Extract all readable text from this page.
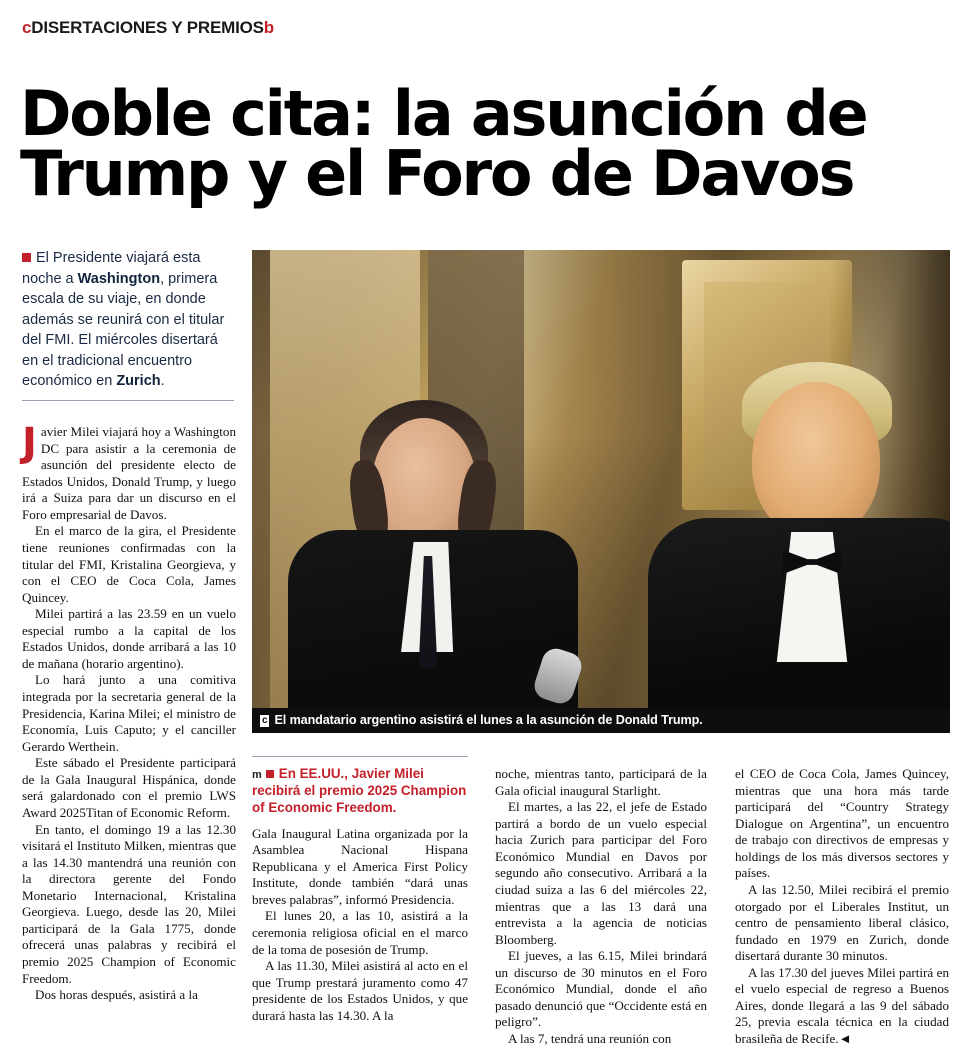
cDISERTACIONES Y PREMIOSb
Doble cita: la asunción de Trump y el Foro de Davos
El Presidente viajará esta noche a Washington, primera escala de su viaje, en donde además se reunirá con el titular del FMI. El miércoles disertará en el tradicional encuentro económico en Zurich.
c El mandatario argentino asistirá el lunes a la asunción de Donald Trump.
J avier Milei viajará hoy a Washington DC para asistir a la ceremonia de asunción del presidente electo de Estados Unidos, Donald Trump, y luego irá a Suiza para dar un discurso en el Foro empresarial de Davos.

En el marco de la gira, el Presidente tiene reuniones confirmadas con la titular del FMI, Kristalina Georgieva, y con el CEO de Coca Cola, James Quincey.

Milei partirá a las 23.59 en un vuelo especial rumbo a la capital de los Estados Unidos, donde arribará a las 10 de mañana (horario argentino).

Lo hará junto a una comitiva integrada por la secretaria general de la Presidencia, Karina Milei; el ministro de Economía, Luis Caputo; y el canciller Gerardo Werthein.

Este sábado el Presidente participará de la Gala Inaugural Hispánica, donde será galardonado con el premio LWS Award 2025Titan of Economic Reform.

En tanto, el domingo 19 a las 12.30 visitará el Instituto Milken, mientras que a las 14.30 mantendrá una reunión con la directora gerente del Fondo Monetario Internacional, Kristalina Georgieva. Luego, desde las 20, Milei participará de la Gala 1775, donde ofrecerá unas palabras y recibirá el premio 2025 Champion of Economic Freedom.

Dos horas después, asistirá a la

m En EE.UU., Javier Milei recibirá el premio 2025 Champion of Economic Freedom.

Gala Inaugural Latina organizada por la Asamblea Nacional Hispana Republicana y el America First Policy Institute, donde también “dará unas breves palabras”, informó Presidencia.

El lunes 20, a las 10, asistirá a la ceremonia religiosa oficial en el marco de la toma de posesión de Trump.

A las 11.30, Milei asistirá al acto en el que Trump prestará juramento como 47 presidente de los Estados Unidos, y que durará hasta las 14.30. A la

noche, mientras tanto, participará de la Gala oficial inaugural Starlight.

El martes, a las 22, el jefe de Estado partirá a bordo de un vuelo especial hacia Zurich para participar del Foro Económico Mundial en Davos por segundo año consecutivo. Arribará a la ciudad suiza a las 6 del miércoles 22, mientras que a las 13 dará una entrevista a la agencia de noticias Bloomberg.

El jueves, a las 6.15, Milei brindará un discurso de 30 minutos en el Foro Económico Mundial, donde el año pasado denunció que “Occidente está en peligro”.

A las 7, tendrá una reunión con

el CEO de Coca Cola, James Quincey, mientras que una hora más tarde participará del “Country Strategy Dialogue on Argentina”, un encuentro de trabajo con directivos de empresas y holdings de los más diversos sectores y países.

A las 12.50, Milei recibirá el premio otorgado por el Liberales Institut, un centro de pensamiento liberal clásico, fundado en 1979 en Zurich, donde disertará durante 30 minutos.

A las 17.30 del jueves Milei partirá en el vuelo especial de regreso a Buenos Aires, donde llegará a las 9 del sábado 25, previa escala técnica en la ciudad brasileña de Recife.◄
